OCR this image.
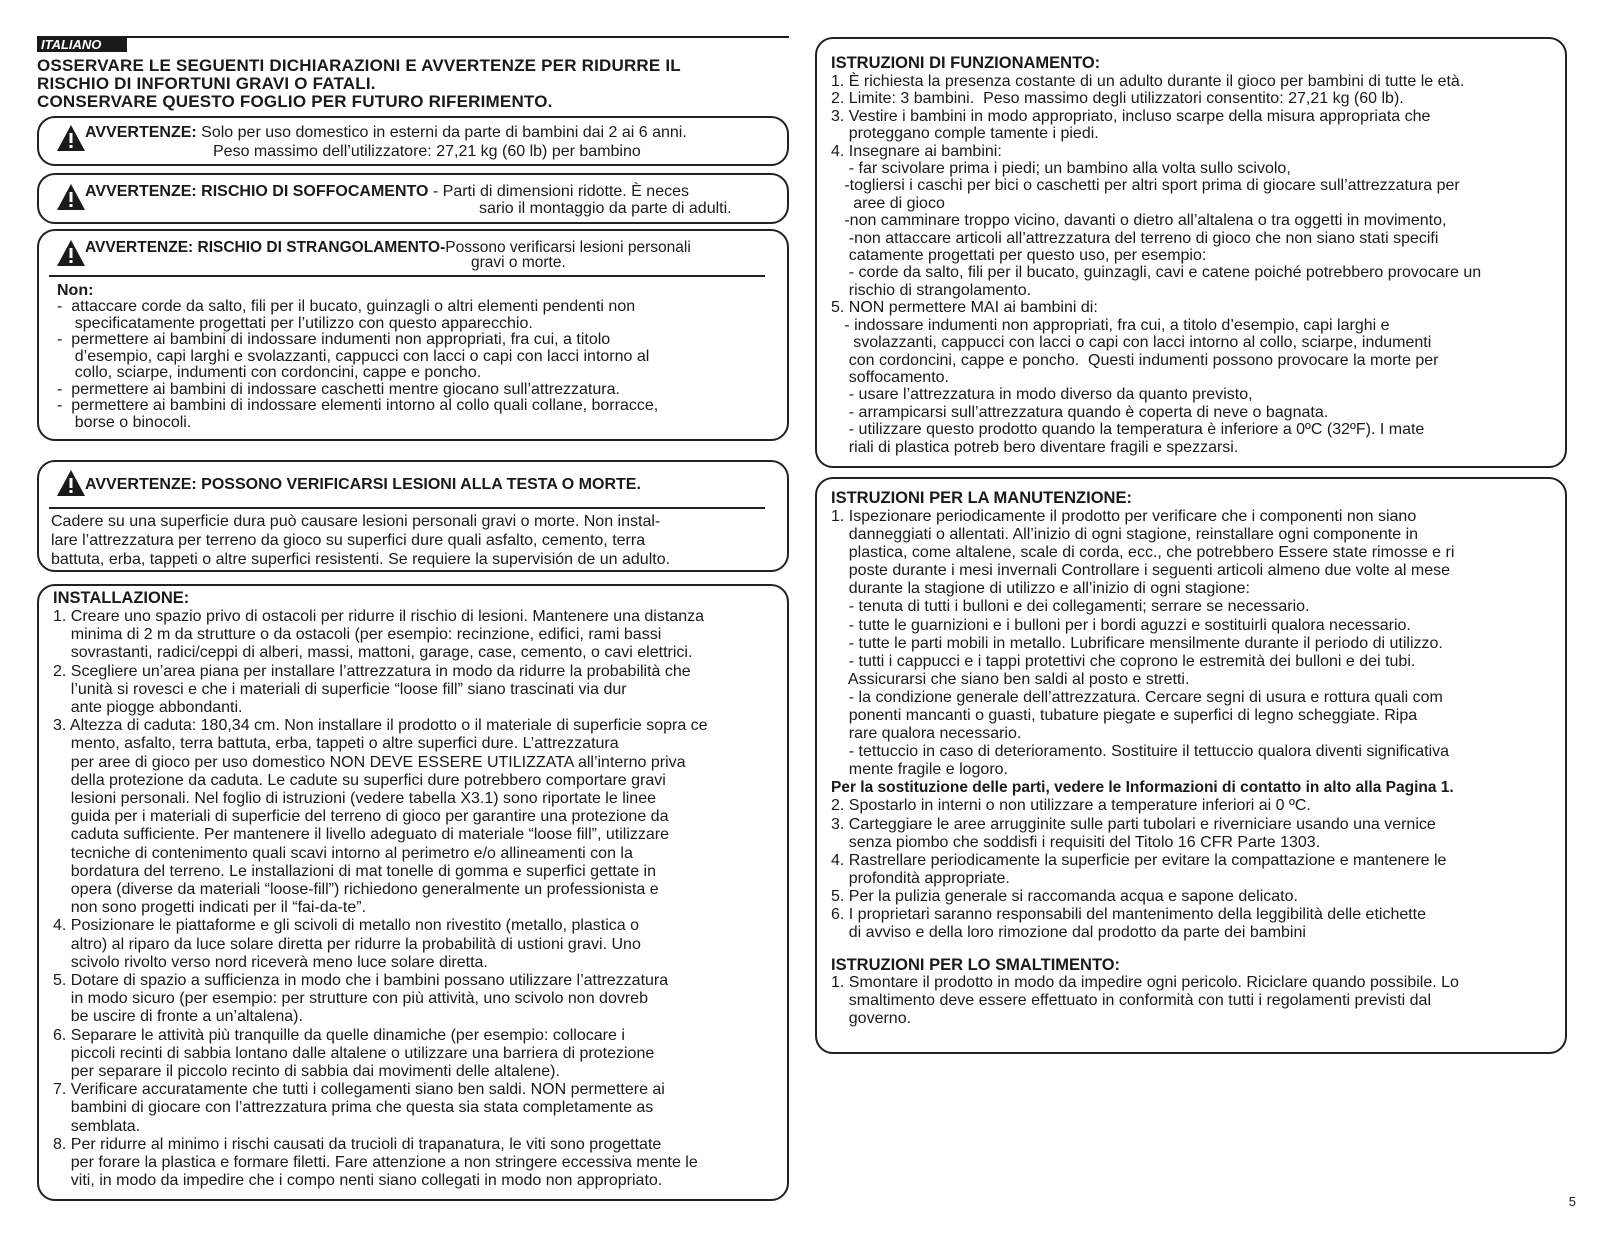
ITALIANO
OSSERVARE LE SEGUENTI DICHIARAZIONI E AVVERTENZE PER RIDURRE IL
RISCHIO DI INFORTUNI GRAVI O FATALI.
CONSERVARE QUESTO FOGLIO PER FUTURO RIFERIMENTO.
AVVERTENZE: Solo per uso domestico in esterni da parte di bambini dai 2 ai 6 anni.
Peso massimo dell’utilizzatore: 27,21 kg (60 lb) per bambino
AVVERTENZE: RISCHIO DI SOFFOCAMENTO - Parti di dimensioni ridotte. È neces
sario il montaggio da parte di adulti.
AVVERTENZE: RISCHIO DI STRANGOLAMENTO-Possono verificarsi lesioni personali
gravi o morte.
Non:
-  attaccare corde da salto, fili per il bucato, guinzagli o altri elementi pendenti non
specificatamente progettati per l’utilizzo con questo apparecchio.
-  permettere ai bambini di indossare indumenti non appropriati, fra cui, a titolo
d’esempio, capi larghi e svolazzanti, cappucci con lacci o capi con lacci intorno al
collo, sciarpe, indumenti con cordoncini, cappe e poncho.
-  permettere ai bambini di indossare caschetti mentre giocano sull’attrezzatura.
-  permettere ai bambini di indossare elementi intorno al collo quali collane, borracce,
borse o binocoli.
AVVERTENZE: POSSONO VERIFICARSI LESIONI ALLA TESTA O MORTE.
Cadere su una superficie dura può causare lesioni personali gravi o morte. Non instal-
lare l’attrezzatura per terreno da gioco su superfici dure quali asfalto, cemento, terra
battuta, erba, tappeti o altre superfici resistenti. Se requiere la supervisión de un adulto.
INSTALLAZIONE:
1. Creare uno spazio privo di ostacoli per ridurre il rischio di lesioni. Mantenere una distanza
minima di 2 m da strutture o da ostacoli (per esempio: recinzione, edifici, rami bassi
sovrastanti, radici/ceppi di alberi, massi, mattoni, garage, case, cemento, o cavi elettrici.
2. Scegliere un’area piana per installare l’attrezzatura in modo da ridurre la probabilità che
l’unità si rovesci e che i materiali di superficie “loose fill” siano trascinati via dur
ante piogge abbondanti.
3. Altezza di caduta: 180,34 cm. Non installare il prodotto o il materiale di superficie sopra ce
mento, asfalto, terra battuta, erba, tappeti o altre superfici dure. L’attrezzatura
per aree di gioco per uso domestico NON DEVE ESSERE UTILIZZATA all’interno priva
della protezione da caduta. Le cadute su superfici dure potrebbero comportare gravi
lesioni personali. Nel foglio di istruzioni (vedere tabella X3.1) sono riportate le linee
guida per i materiali di superficie del terreno di gioco per garantire una protezione da
caduta sufficiente. Per mantenere il livello adeguato di materiale “loose fill”, utilizzare
tecniche di contenimento quali scavi intorno al perimetro e/o allineamenti con la
bordatura del terreno. Le installazioni di mat tonelle di gomma e superfici gettate in
opera (diverse da materiali “loose-fill”) richiedono generalmente un professionista e
non sono progetti indicati per il “fai-da-te”.
4. Posizionare le piattaforme e gli scivoli di metallo non rivestito (metallo, plastica o
altro) al riparo da luce solare diretta per ridurre la probabilità di ustioni gravi. Uno
scivolo rivolto verso nord riceverà meno luce solare diretta.
5. Dotare di spazio a sufficienza in modo che i bambini possano utilizzare l’attrezzatura
in modo sicuro (per esempio: per strutture con più attività, uno scivolo non dovreb
be uscire di fronte a un’altalena).
6. Separare le attività più tranquille da quelle dinamiche (per esempio: collocare i
piccoli recinti di sabbia lontano dalle altalene o utilizzare una barriera di protezione
per separare il piccolo recinto di sabbia dai movimenti delle altalene).
7. Verificare accuratamente che tutti i collegamenti siano ben saldi. NON permettere ai
bambini di giocare con l’attrezzatura prima che questa sia stata completamente as
semblata.
8. Per ridurre al minimo i rischi causati da trucioli di trapanatura, le viti sono progettate
per forare la plastica e formare filetti. Fare attenzione a non stringere eccessiva mente le
viti, in modo da impedire che i compo nenti siano collegati in modo non appropriato.
ISTRUZIONI DI FUNZIONAMENTO:
1. È richiesta la presenza costante di un adulto durante il gioco per bambini di tutte le età.
2. Limite: 3 bambini.  Peso massimo degli utilizzatori consentito: 27,21 kg (60 lb).
3. Vestire i bambini in modo appropriato, incluso scarpe della misura appropriata che
proteggano comple tamente i piedi.
4. Insegnare ai bambini:
- far scivolare prima i piedi; un bambino alla volta sullo scivolo,
-togliersi i caschi per bici o caschetti per altri sport prima di giocare sull’attrezzatura per
aree di gioco
-non camminare troppo vicino, davanti o dietro all’altalena o tra oggetti in movimento,
-non attaccare articoli all’attrezzatura del terreno di gioco che non siano stati specifi
catamente progettati per questo uso, per esempio:
- corde da salto, fili per il bucato, guinzagli, cavi e catene poiché potrebbero provocare un
rischio di strangolamento.
5. NON permettere MAI ai bambini di:
- indossare indumenti non appropriati, fra cui, a titolo d’esempio, capi larghi e
svolazzanti, cappucci con lacci o capi con lacci intorno al collo, sciarpe, indumenti
con cordoncini, cappe e poncho.  Questi indumenti possono provocare la morte per
soffocamento.
- usare l’attrezzatura in modo diverso da quanto previsto,
- arrampicarsi sull’attrezzatura quando è coperta di neve o bagnata.
- utilizzare questo prodotto quando la temperatura è inferiore a 0ºC (32ºF). I mate
riali di plastica potreb bero diventare fragili e spezzarsi.
ISTRUZIONI PER LA MANUTENZIONE:
1. Ispezionare periodicamente il prodotto per verificare che i componenti non siano
danneggiati o allentati. All’inizio di ogni stagione, reinstallare ogni componente in
plastica, come altalene, scale di corda, ecc., che potrebbero Essere state rimosse e ri
poste durante i mesi invernali Controllare i seguenti articoli almeno due volte al mese
durante la stagione di utilizzo e all’inizio di ogni stagione:
- tenuta di tutti i bulloni e dei collegamenti; serrare se necessario.
- tutte le guarnizioni e i bulloni per i bordi aguzzi e sostituirli qualora necessario.
- tutte le parti mobili in metallo. Lubrificare mensilmente durante il periodo di utilizzo.
- tutti i cappucci e i tappi protettivi che coprono le estremità dei bulloni e dei tubi.
Assicurarsi che siano ben saldi al posto e stretti.
- la condizione generale dell’attrezzatura. Cercare segni di usura e rottura quali com
ponenti mancanti o guasti, tubature piegate e superfici di legno scheggiate. Ripa
rare qualora necessario.
- tettuccio in caso di deterioramento. Sostituire il tettuccio qualora diventi significativa
mente fragile e logoro.
Per la sostituzione delle parti, vedere le Informazioni di contatto in alto alla Pagina 1.
2. Spostarlo in interni o non utilizzare a temperature inferiori ai 0 ºC.
3. Carteggiare le aree arrugginite sulle parti tubolari e riverniciare usando una vernice
senza piombo che soddisfi i requisiti del Titolo 16 CFR Parte 1303.
4. Rastrellare periodicamente la superficie per evitare la compattazione e mantenere le
profondità appropriate.
5. Per la pulizia generale si raccomanda acqua e sapone delicato.
6. I proprietari saranno responsabili del mantenimento della leggibilità delle etichette
di avviso e della loro rimozione dal prodotto da parte dei bambini
ISTRUZIONI PER LO SMALTIMENTO:
1. Smontare il prodotto in modo da impedire ogni pericolo. Riciclare quando possibile. Lo
smaltimento deve essere effettuato in conformità con tutti i regolamenti previsti dal
governo.
5
